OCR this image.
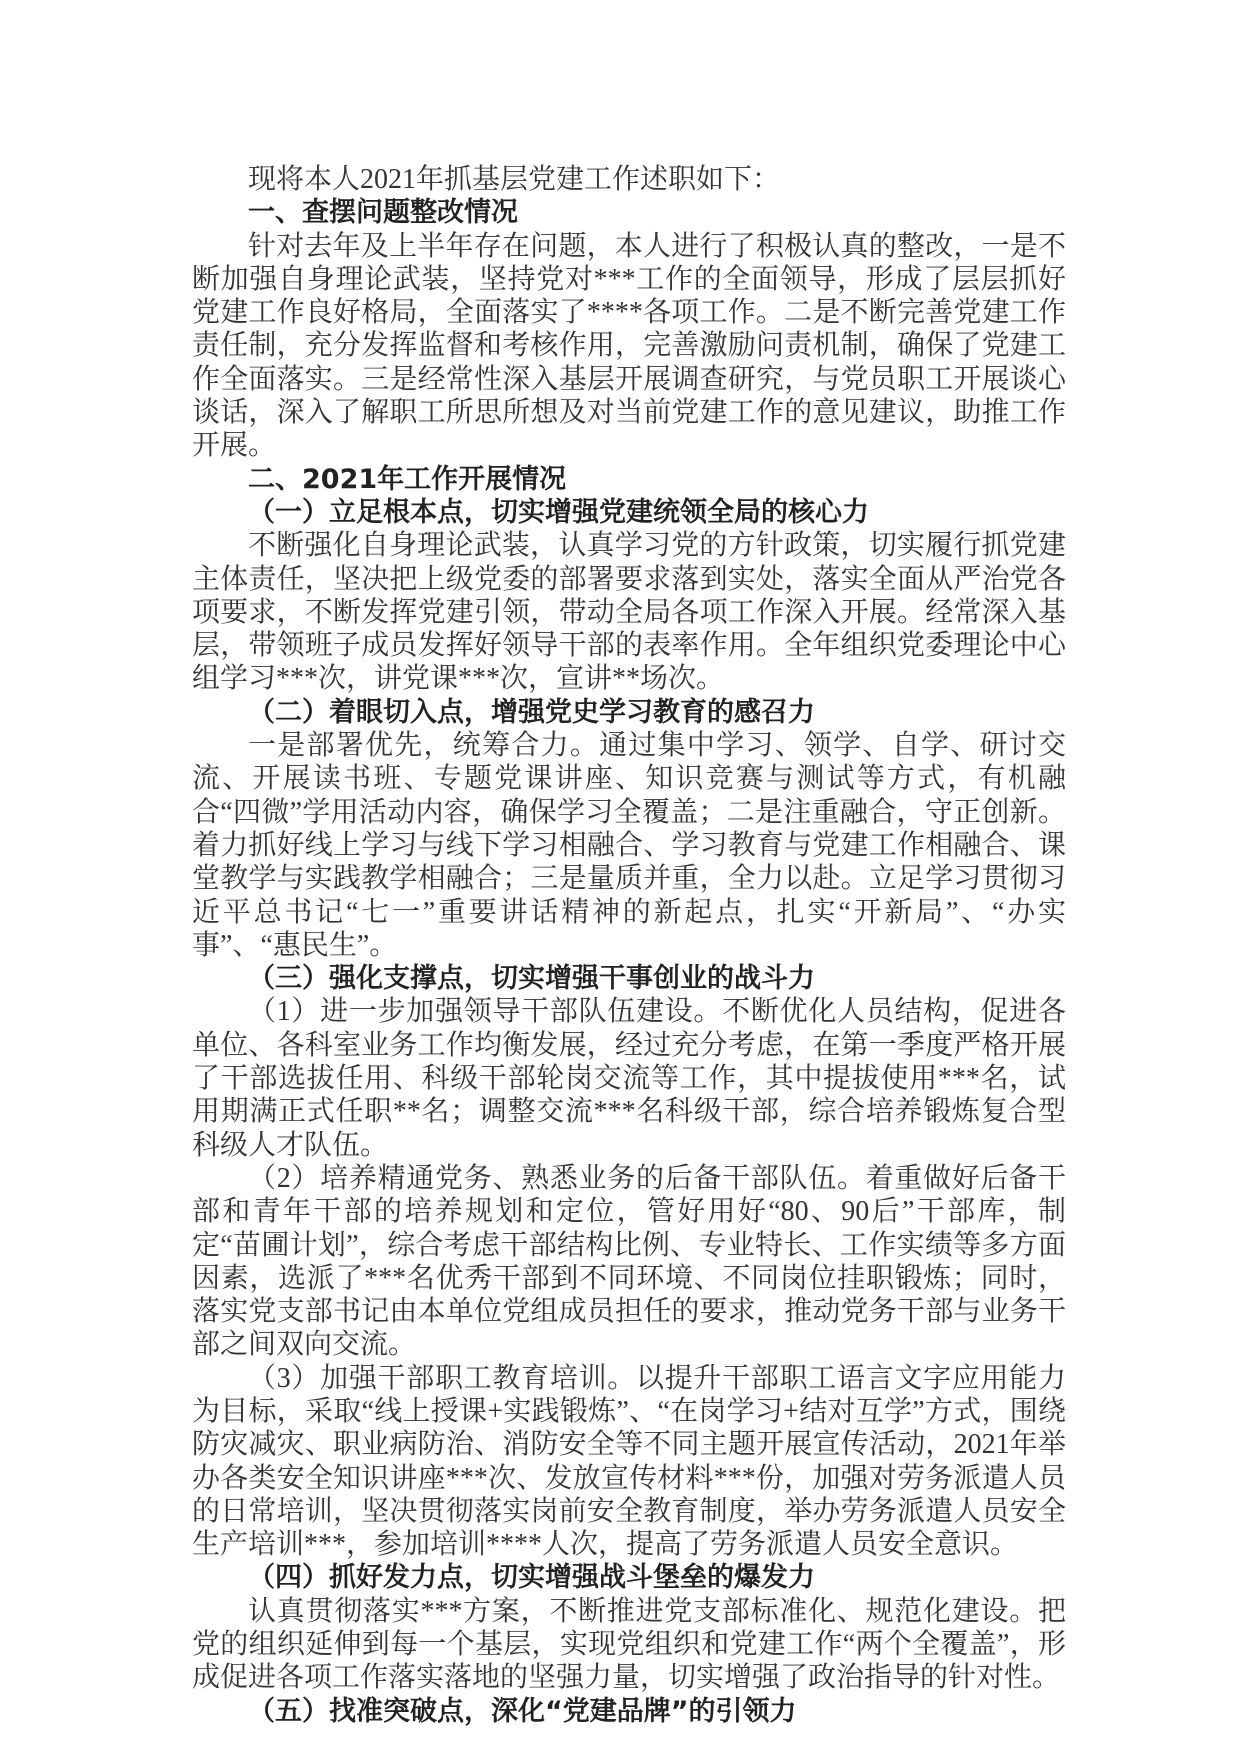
现将本人2021年抓基层党建工作述职如下：

一、查摆问题整改情况

针对去年及上半年存在问题，本人进行了积极认真的整改，一是不断加强自身理论武装，坚持党对***工作的全面领导，形成了层层抓好党建工作良好格局，全面落实了****各项工作。二是不断完善党建工作责任制，充分发挥监督和考核作用，完善激励问责机制，确保了党建工作全面落实。三是经常性深入基层开展调查研究，与党员职工开展谈心谈话，深入了解职工所思所想及对当前党建工作的意见建议，助推工作开展。

二、2021年工作开展情况

（一）立足根本点，切实增强党建统领全局的核心力

不断强化自身理论武装，认真学习党的方针政策，切实履行抓党建主体责任，坚决把上级党委的部署要求落到实处，落实全面从严治党各项要求，不断发挥党建引领，带动全局各项工作深入开展。经常深入基层，带领班子成员发挥好领导干部的表率作用。全年组织党委理论中心组学习***次，讲党课***次，宣讲**场次。

（二）着眼切入点，增强党史学习教育的感召力

一是部署优先，统筹合力。通过集中学习、领学、自学、研讨交流、开展读书班、专题党课讲座、知识竞赛与测试等方式，有机融合“四微”学用活动内容，确保学习全覆盖；二是注重融合，守正创新。着力抓好线上学习与线下学习相融合、学习教育与党建工作相融合、课堂教学与实践教学相融合；三是量质并重，全力以赴。立足学习贯彻习近平总书记“七一”重要讲话精神的新起点，扎实“开新局”、“办实事”、“惠民生”。

（三）强化支撑点，切实增强干事创业的战斗力

（1）进一步加强领导干部队伍建设。不断优化人员结构，促进各单位、各科室业务工作均衡发展，经过充分考虑，在第一季度严格开展了干部选拔任用、科级干部轮岗交流等工作，其中提拔使用***名，试用期满正式任职**名；调整交流***名科级干部，综合培养锻炼复合型科级人才队伍。

（2）培养精通党务、熟悉业务的后备干部队伍。着重做好后备干部和青年干部的培养规划和定位，管好用好“80、90后”干部库，制定“苗圃计划”，综合考虑干部结构比例、专业特长、工作实绩等多方面因素，选派了***名优秀干部到不同环境、不同岗位挂职锻炼；同时，落实党支部书记由本单位党组成员担任的要求，推动党务干部与业务干部之间双向交流。

（3）加强干部职工教育培训。以提升干部职工语言文字应用能力为目标，采取“线上授课+实践锻炼”、“在岗学习+结对互学”方式，围绕防灾减灾、职业病防治、消防安全等不同主题开展宣传活动，2021年举办各类安全知识讲座***次、发放宣传材料***份，加强对劳务派遣人员的日常培训，坚决贯彻落实岗前安全教育制度，举办劳务派遣人员安全生产培训***，参加培训****人次，提高了劳务派遣人员安全意识。

（四）抓好发力点，切实增强战斗堡垒的爆发力

认真贯彻落实***方案，不断推进党支部标准化、规范化建设。把党的组织延伸到每一个基层，实现党组织和党建工作“两个全覆盖”，形成促进各项工作落实落地的坚强力量，切实增强了政治指导的针对性。

（五）找准突破点，深化“党建品牌”的引领力
